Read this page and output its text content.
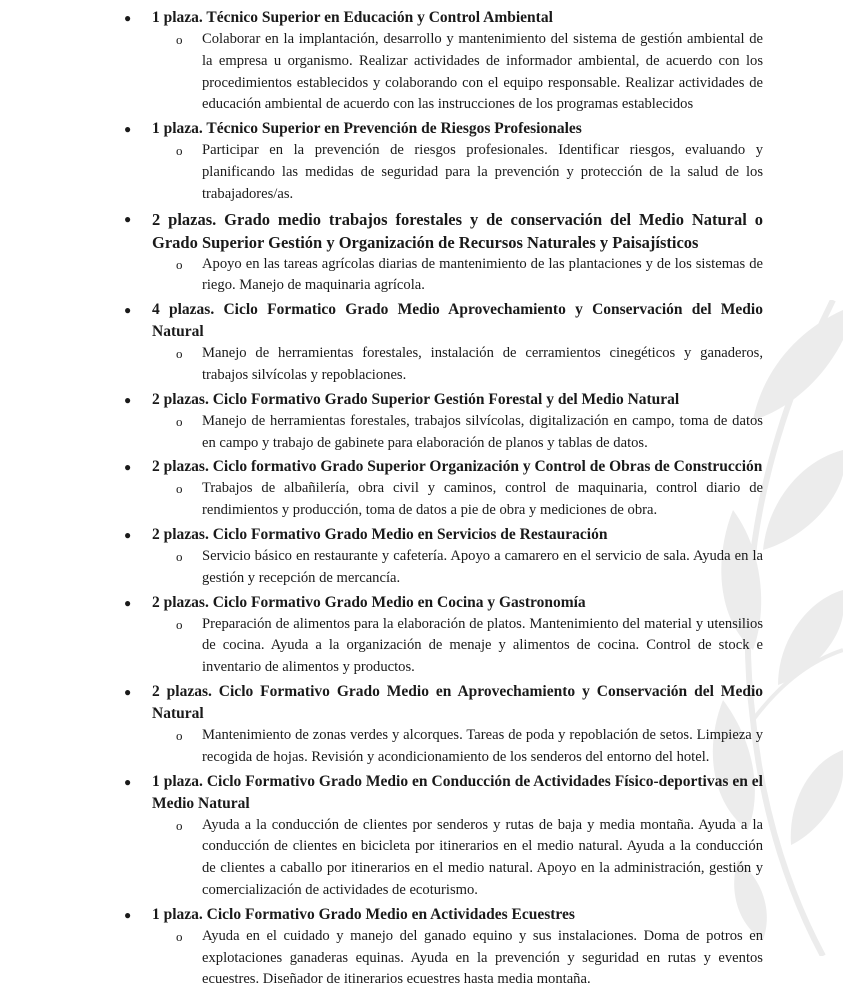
● 1 plaza. Técnico Superior en Educación y Control Ambiental
o Colaborar en la implantación, desarrollo y mantenimiento del sistema de gestión ambiental de la empresa u organismo. Realizar actividades de informador ambiental, de acuerdo con los procedimientos establecidos y colaborando con el equipo responsable. Realizar actividades de educación ambiental de acuerdo con las instrucciones de los programas establecidos
● 1 plaza. Técnico Superior en Prevención de Riesgos Profesionales
o Participar en la prevención de riesgos profesionales. Identificar riesgos, evaluando y planificando las medidas de seguridad para la prevención y protección de la salud de los trabajadores/as.
● 2 plazas. Grado medio trabajos forestales y de conservación del Medio Natural o Grado Superior Gestión y Organización de Recursos Naturales y Paisajísticos
o Apoyo en las tareas agrícolas diarias de mantenimiento de las plantaciones y de los sistemas de riego. Manejo de maquinaria agrícola.
● 4 plazas. Ciclo Formatico Grado Medio Aprovechamiento y Conservación del Medio Natural
o Manejo de herramientas forestales, instalación de cerramientos cinegéticos y ganaderos, trabajos silvícolas y repoblaciones.
● 2 plazas. Ciclo Formativo Grado Superior Gestión Forestal y del Medio Natural
o Manejo de herramientas forestales, trabajos silvícolas, digitalización en campo, toma de datos en campo y trabajo de gabinete para elaboración de planos y tablas de datos.
● 2 plazas. Ciclo formativo Grado Superior Organización y Control de Obras de Construcción
o Trabajos de albañilería, obra civil y caminos, control de maquinaria, control diario de rendimientos y producción, toma de datos a pie de obra y mediciones de obra.
● 2 plazas. Ciclo Formativo Grado Medio en Servicios de Restauración
o Servicio básico en restaurante y cafetería. Apoyo a camarero en el servicio de sala. Ayuda en la gestión y recepción de mercancía.
● 2 plazas. Ciclo Formativo Grado Medio en Cocina y Gastronomía
o Preparación de alimentos para la elaboración de platos. Mantenimiento del material y utensilios de cocina. Ayuda a la organización de menaje y alimentos de cocina. Control de stock e inventario de alimentos y productos.
● 2 plazas. Ciclo Formativo Grado Medio en Aprovechamiento y Conservación del Medio Natural
o Mantenimiento de zonas verdes y alcorques. Tareas de poda y repoblación de setos. Limpieza y recogida de hojas. Revisión y acondicionamiento de los senderos del entorno del hotel.
● 1 plaza. Ciclo Formativo Grado Medio en Conducción de Actividades Físico-deportivas en el Medio Natural
o Ayuda a la conducción de clientes por senderos y rutas de baja y media montaña. Ayuda a la conducción de clientes en bicicleta por itinerarios en el medio natural. Ayuda a la conducción de clientes a caballo por itinerarios en el medio natural. Apoyo en la administración, gestión y comercialización de actividades de ecoturismo.
● 1 plaza. Ciclo Formativo Grado Medio en Actividades Ecuestres
o Ayuda en el cuidado y manejo del ganado equino y sus instalaciones. Doma de potros en explotaciones ganaderas equinas. Ayuda en la prevención y seguridad en rutas y eventos ecuestres. Diseñador de itinerarios ecuestres hasta media montaña.
